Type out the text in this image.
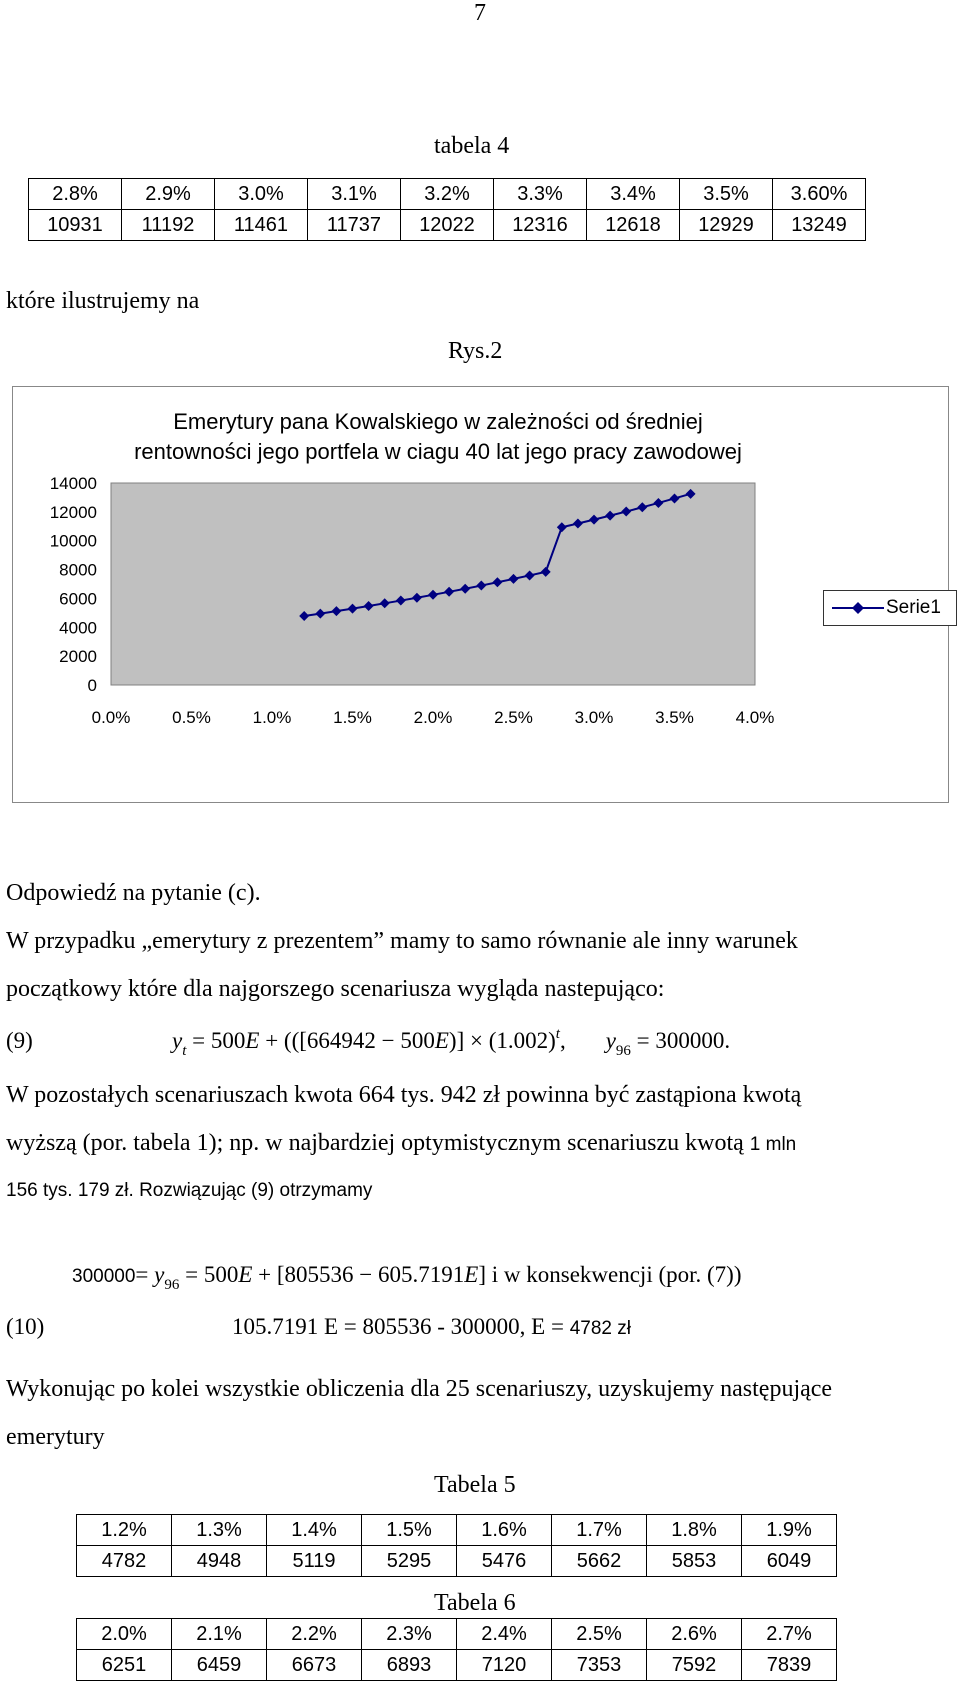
7
tabela 4
2.8%	2.9%	3.0%	3.1%	3.2%	3.3%	3.4%	3.5%	3.60%
10931	11192	11461	11737	12022	12316	12618	12929	13249
które ilustrujemy na
Rys.2
Emerytury pana Kowalskiego w zależności od średniej
rentowności jego portfela w ciagu 40 lat jego pracy zawodowej
14000
12000
10000
8000
6000
4000
2000
0
0.0% 0.5% 1.0% 1.5% 2.0% 2.5% 3.0% 3.5% 4.0%
Serie1
Odpowiedź na pytanie (c).
W przypadku „emerytury z prezentem” mamy to samo równanie ale inny warunek
początkowy które dla najgorszego scenariusza wygląda nastepująco:
(9)	$y_t = 500E + (([664942 - 500E)] \times (1.002)^t$, $y_{96} = 300000$.
W pozostałych scenariuszach kwota 664 tys. 942 zł powinna być zastąpiona kwotą
wyższą (por. tabela 1); np. w najbardziej optymistycznym scenariuszu kwotą 1 mln
156 tys. 179 zł. Rozwiązując (9) otrzymamy
$300000= y_{96} = 500E + [805536 - 605.7191E]$ i w konsekwencji (por. (7))
(10)	105.7191 E = 805536 - 300000, E = 4782 zł
Wykonując po kolei wszystkie obliczenia dla 25 scenariuszy, uzyskujemy następujące
emerytury
Tabela 5
1.2%	1.3%	1.4%	1.5%	1.6%	1.7%	1.8%	1.9%
4782	4948	5119	5295	5476	5662	5853	6049
Tabela 6
2.0%	2.1%	2.2%	2.3%	2.4%	2.5%	2.6%	2.7%
6251	6459	6673	6893	7120	7353	7592	7839
